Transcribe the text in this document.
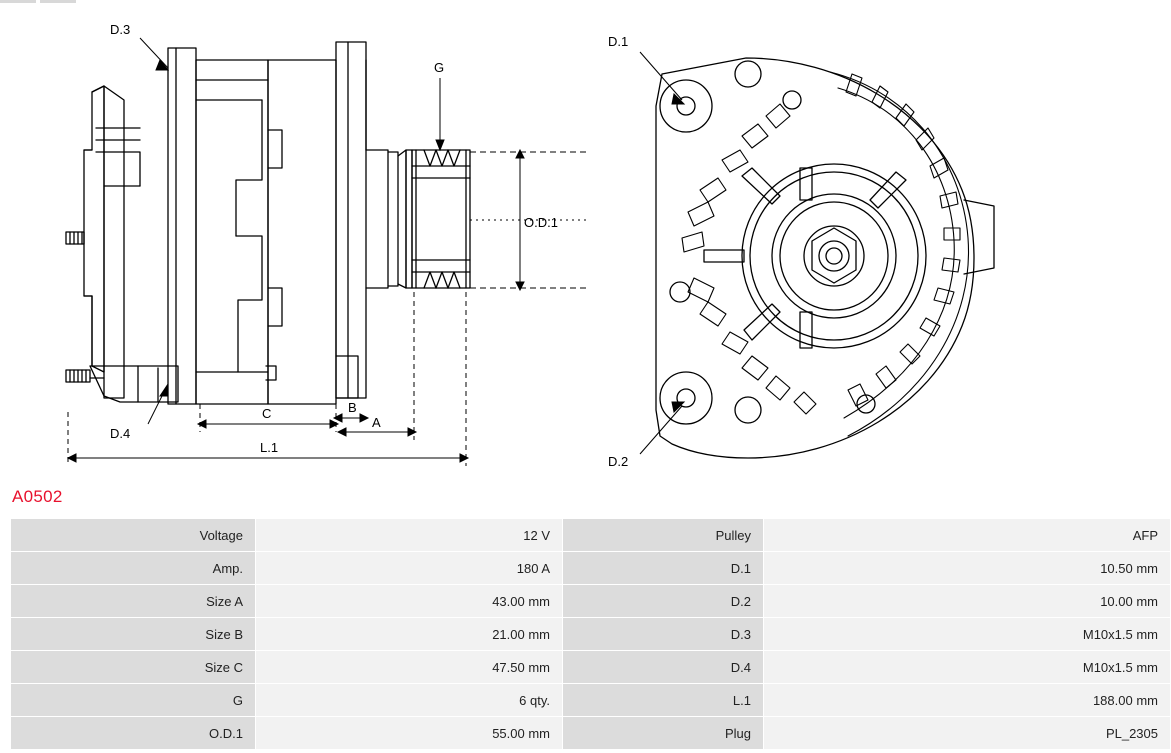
D.3
G
O.D.1
D.4
C	B
A
L.1
D.1
D.2
A0502
Voltage	12 V	Pulley	AFP
Amp.	180 A	D.1	10.50 mm
Size A	43.00 mm	D.2	10.00 mm
Size B	21.00 mm	D.3	M10x1.5 mm
Size C	47.50 mm	D.4	M10x1.5 mm
G	6 qty.	L.1	188.00 mm
O.D.1	55.00 mm	Plug	PL_2305
